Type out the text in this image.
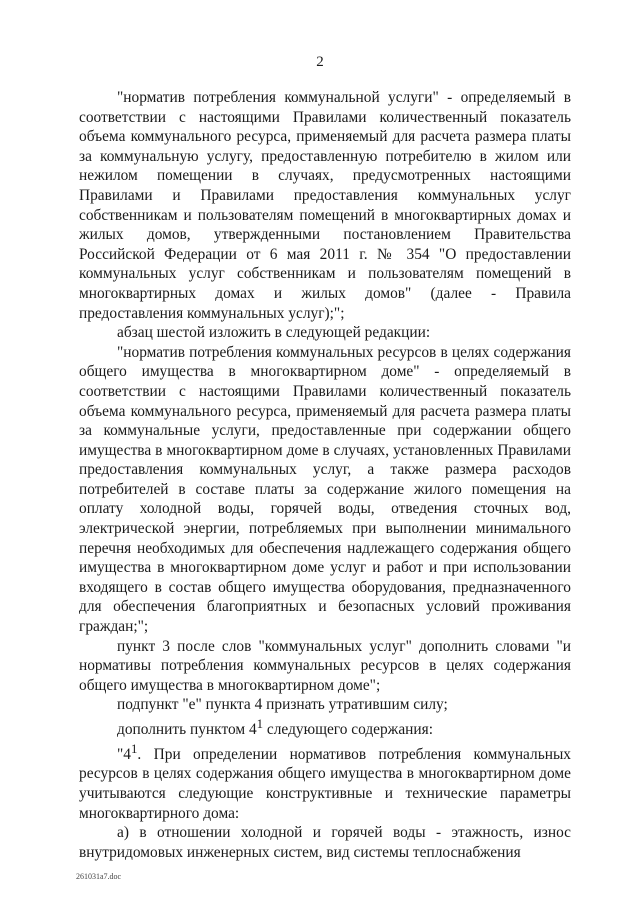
2

"норматив потребления коммунальной услуги" - определяемый в соответствии с настоящими Правилами количественный показатель объема коммунального ресурса, применяемый для расчета размера платы за коммунальную услугу, предоставленную потребителю в жилом или нежилом помещении в случаях, предусмотренных настоящими Правилами и Правилами предоставления коммунальных услуг собственникам и пользователям помещений в многоквартирных домах и жилых домов, утвержденными постановлением Правительства Российской Федерации от 6 мая 2011 г. № 354 "О предоставлении коммунальных услуг собственникам и пользователям помещений в многоквартирных домах и жилых домов" (далее - Правила предоставления коммунальных услуг);";

абзац шестой изложить в следующей редакции:

"норматив потребления коммунальных ресурсов в целях содержания общего имущества в многоквартирном доме" - определяемый в соответствии с настоящими Правилами количественный показатель объема коммунального ресурса, применяемый для расчета размера платы за коммунальные услуги, предоставленные при содержании общего имущества в многоквартирном доме в случаях, установленных Правилами предоставления коммунальных услуг, а также размера расходов потребителей в составе платы за содержание жилого помещения на оплату холодной воды, горячей воды, отведения сточных вод, электрической энергии, потребляемых при выполнении минимального перечня необходимых для обеспечения надлежащего содержания общего имущества в многоквартирном доме услуг и работ и при использовании входящего в состав общего имущества оборудования, предназначенного для обеспечения благоприятных и безопасных условий проживания граждан;";

пункт 3 после слов "коммунальных услуг" дополнить словами "и нормативы потребления коммунальных ресурсов в целях содержания общего имущества в многоквартирном доме";

подпункт "е" пункта 4 признать утратившим силу;

дополнить пунктом $4^1$ следующего содержания:

"$4^1$. При определении нормативов потребления коммунальных ресурсов в целях содержания общего имущества в многоквартирном доме учитываются следующие конструктивные и технические параметры многоквартирного дома:

а) в отношении холодной и горячей воды - этажность, износ внутридомовых инженерных систем, вид системы теплоснабжения

261031a7.doc
